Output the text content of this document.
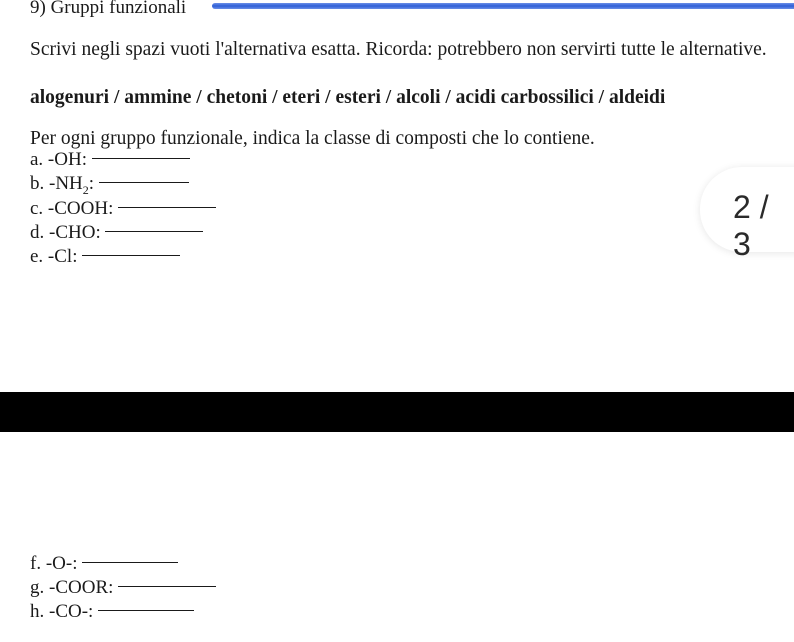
9) Gruppi funzionali
Scrivi negli spazi vuoti l'alternativa esatta. Ricorda: potrebbero non servirti tutte le alternative.
alogenuri / ammine / chetoni / eteri / esteri / alcoli / acidi carbossilici / aldeidi
Per ogni gruppo funzionale, indica la classe di composti che lo contiene.
a. -OH:
b. $-NH_2$:
c. -COOH:
d. -CHO:
e. -Cl:
2 / 3
f. -O-:
g. -COOR:
h. -CO-:
